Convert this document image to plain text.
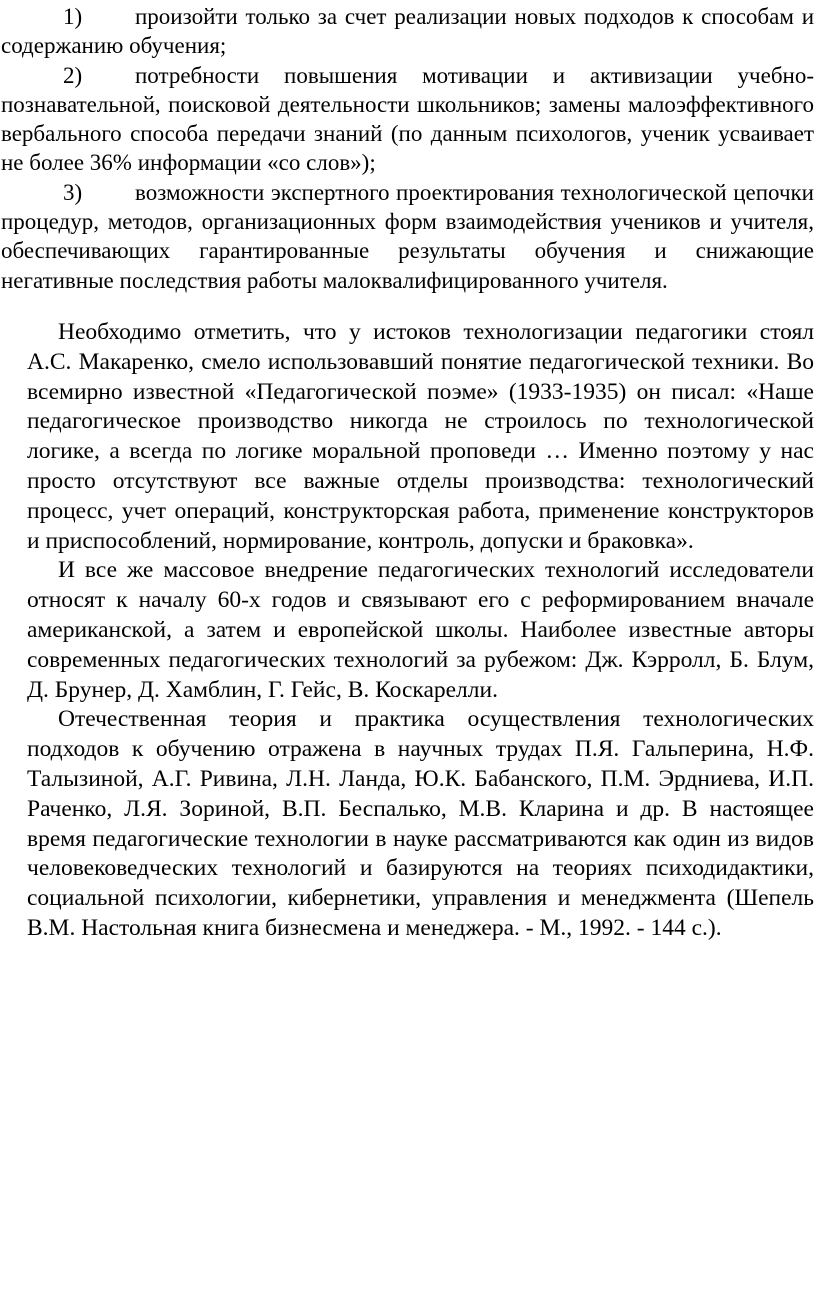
1) произойти только за счет реализации новых подходов к способам и содержанию обучения;

2) потребности повышения мотивации и активизации учебно-познавательной, поисковой деятельности школьников; замены малоэффективного вербального способа передачи знаний (по данным психологов, ученик усваивает не более 36% информации «со слов»);

3) возможности экспертного проектирования технологической цепочки процедур, методов, организационных форм взаимодействия учеников и учителя, обеспечивающих гарантированные результаты обучения и снижающие негативные последствия работы малоквалифицированного учителя.

Необходимо отметить, что у истоков технологизации педагогики стоял А.С. Макаренко, смело использовавший понятие педагогической техники. Во всемирно известной «Педагогической поэме» (1933-1935) он писал: «Наше педагогическое производство никогда не строилось по технологической логике, а всегда по логике моральной проповеди … Именно поэтому у нас просто отсутствуют все важные отделы производства: технологический процесс, учет операций, конструкторская работа, применение конструкторов и приспособлений, нормирование, контроль, допуски и браковка».

И все же массовое внедрение педагогических технологий исследователи относят к началу 60-х годов и связывают его с реформированием вначале американской, а затем и европейской школы. Наиболее известные авторы современных педагогических технологий за рубежом: Дж. Кэрролл, Б. Блум, Д. Брунер, Д. Хамблин, Г. Гейс, В. Коскарелли.

Отечественная теория и практика осуществления технологических подходов к обучению отражена в научных трудах П.Я. Гальперина, Н.Ф. Талызиной, А.Г. Ривина, Л.Н. Ланда, Ю.К. Бабанского, П.М. Эрдниева, И.П. Раченко, Л.Я. Зориной, В.П. Беспалько, М.В. Кларина и др. В настоящее время педагогические технологии в науке рассматриваются как один из видов человековедческих технологий и базируются на теориях психодидактики, социальной психологии, кибернетики, управления и менеджмента (Шепель В.М. Настольная книга бизнесмена и менеджера. - М., 1992. - 144 с.).
